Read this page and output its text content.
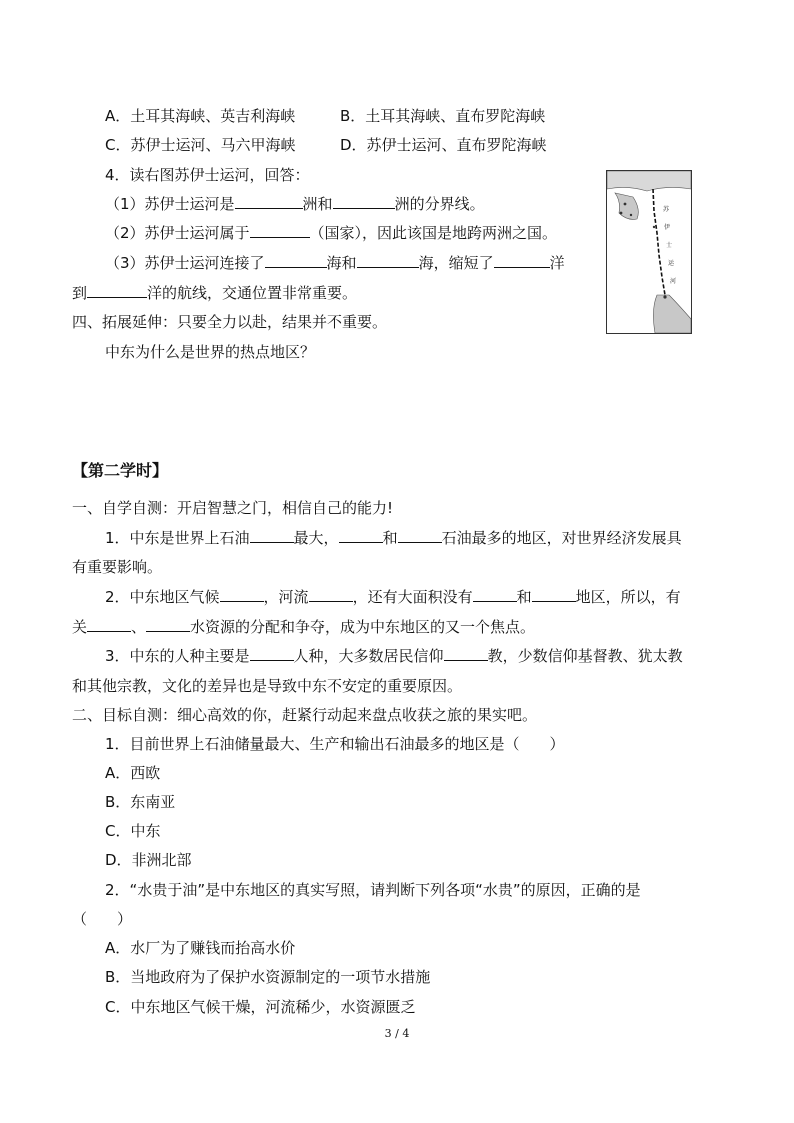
A．土耳其海峡、英吉利海峡	B．土耳其海峡、直布罗陀海峡
C．苏伊士运河、马六甲海峡	D．苏伊士运河、直布罗陀海峡
4．读右图苏伊士运河，回答：
（1）苏伊士运河是	洲和	洲的分界线。
（2）苏伊士运河属于	（国家），因此该国是地跨两洲之国。
（3）苏伊士运河连接了	海和	海，缩短了	洋
到	洋的航线，交通位置非常重要。
苏伊士运河
四、拓展延伸：只要全力以赴，结果并不重要。
中东为什么是世界的热点地区？
【第二学时】
一、自学自测：开启智慧之门，相信自己的能力!
1．中东是世界上石油	最大，	和	石油最多的地区，对世界经济发展具
有重要影响。
2．中东地区气候	，河流	，还有大面积没有	和	地区，所以，有
关	、	水资源的分配和争夺，成为中东地区的又一个焦点。
3．中东的人种主要是	人种，大多数居民信仰	教，少数信仰基督教、犹太教
和其他宗教，文化的差异也是导致中东不安定的重要原因。
二、目标自测：细心高效的你，赶紧行动起来盘点收获之旅的果实吧。
1．目前世界上石油储量最大、生产和输出石油最多的地区是（　　）
A．西欧
B．东南亚
C．中东
D．非洲北部
2．“水贵于油”是中东地区的真实写照，请判断下列各项“水贵”的原因，正确的是
（　　）
A．水厂为了赚钱而抬高水价
B．当地政府为了保护水资源制定的一项节水措施
C．中东地区气候干燥，河流稀少，水资源匮乏
3 / 4
